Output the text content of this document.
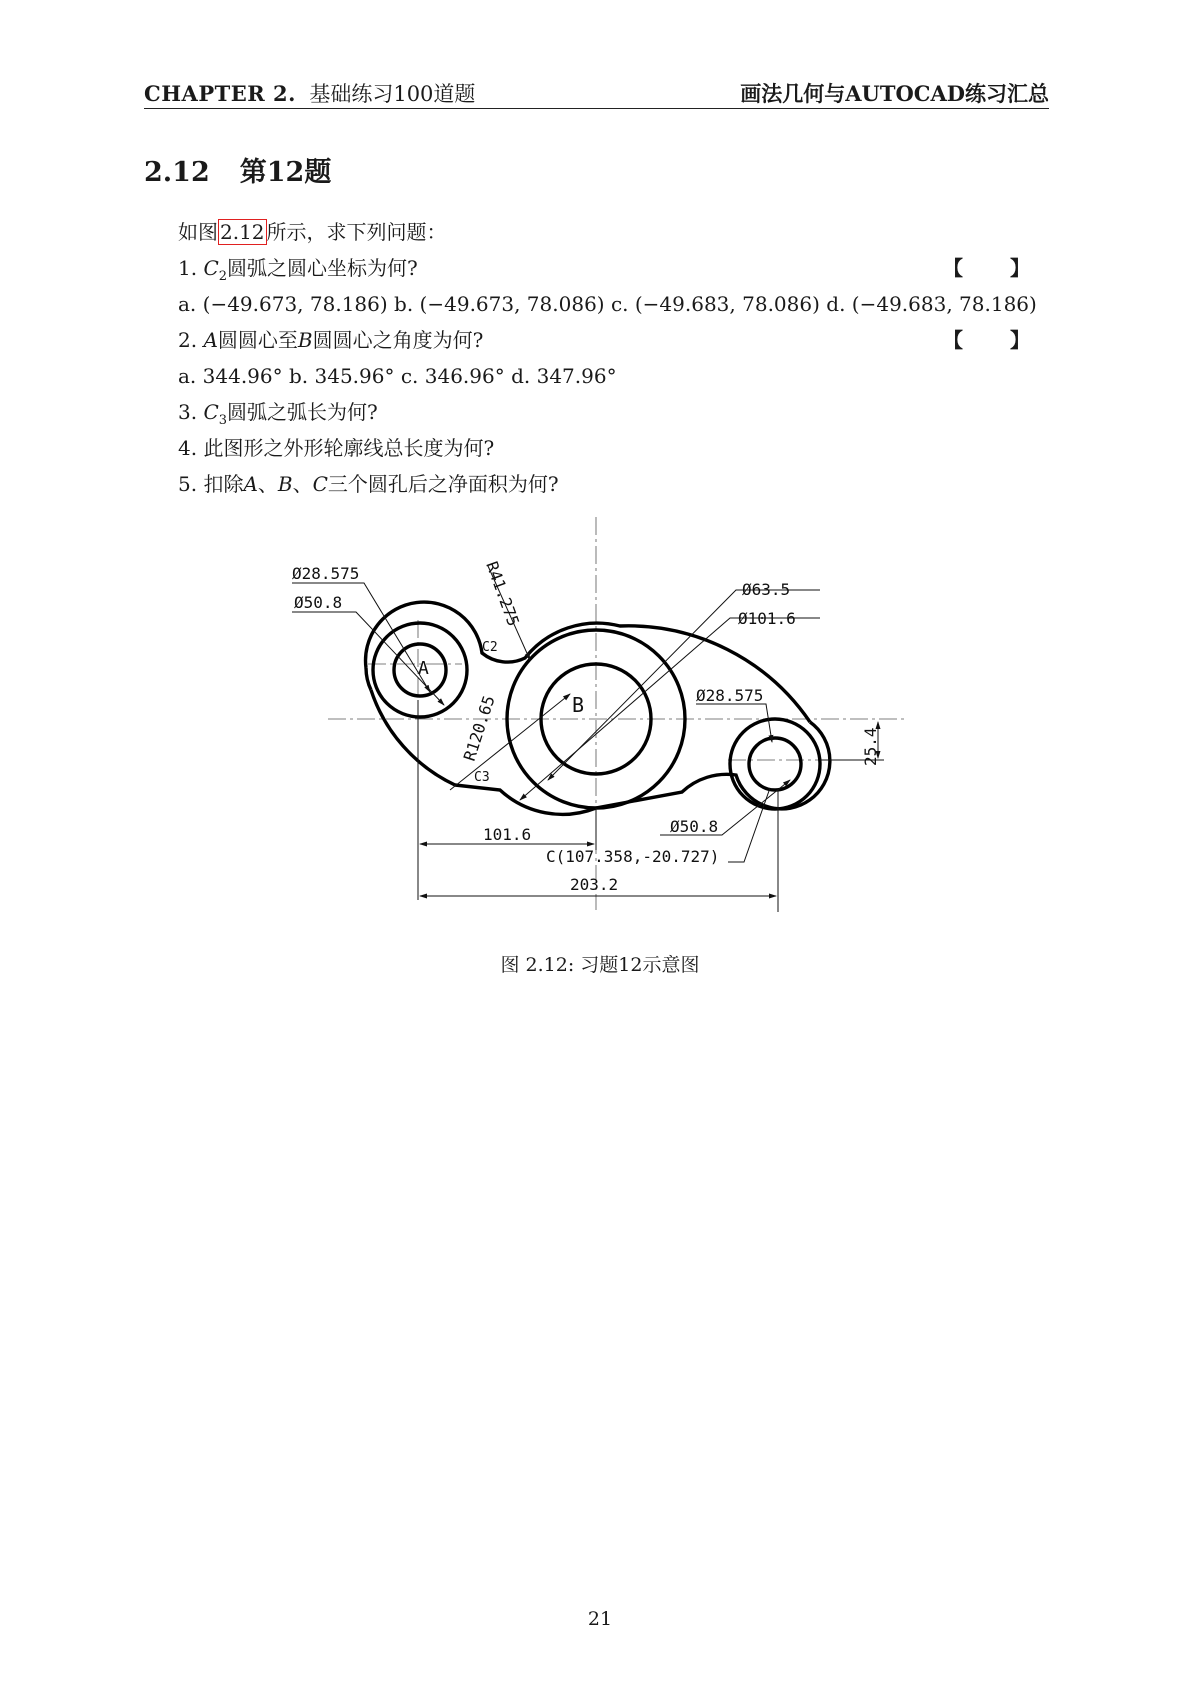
CHAPTER 2. 基础练习100道题	画法几何与AUTOCAD练习汇总
2.12 第12题
如图 2.12 所示，求下列问题：
1. $C_2$圆弧之圆心坐标为何?	【 】
a. (−49.673, 78.186) b. (−49.673, 78.086) c. (−49.683, 78.086) d. (−49.683, 78.186)
2. A圆圆心至B圆圆心之角度为何?	【 】
a. 344.96° b. 345.96° c. 346.96° d. 347.96°
3. $C_3$圆弧之弧长为何?
4. 此图形之外形轮廓线总长度为何?
5. 扣除A、B、C三个圆孔后之净面积为何?
Ø28.575
Ø50.8	R41.275
C2
Ø63.5
Ø101.6
Ø28.575
A
B
R120.65
C3
25.4
Ø50.8
101.6
C(107.358,-20.727)
203.2
图 2.12: 习题12示意图
21
